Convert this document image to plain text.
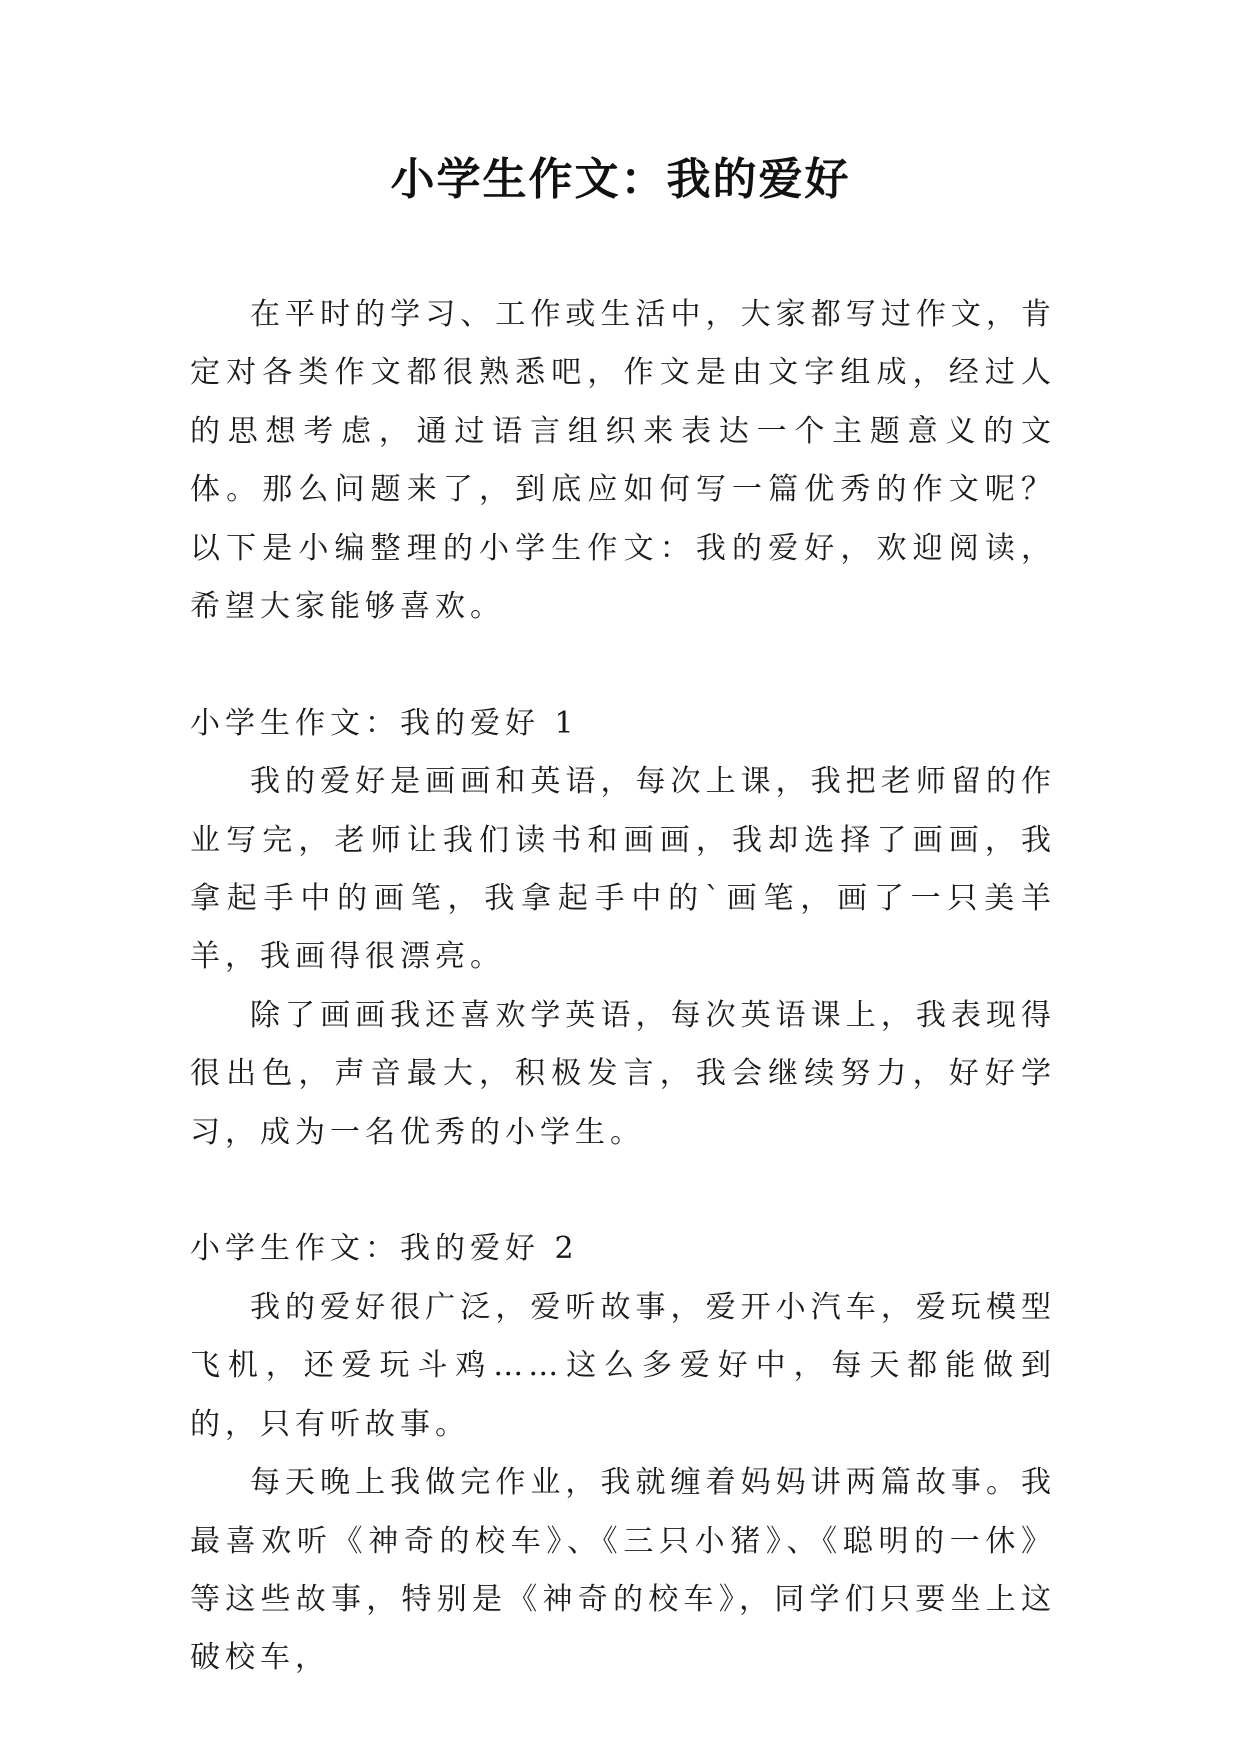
小学生作文：我的爱好

在平时的学习、工作或生活中，大家都写过作文，肯定对各类作文都很熟悉吧，作文是由文字组成，经过人的思想考虑，通过语言组织来表达一个主题意义的文体。那么问题来了，到底应如何写一篇优秀的作文呢？以下是小编整理的小学生作文：我的爱好，欢迎阅读，希望大家能够喜欢。

小学生作文：我的爱好 1

我的爱好是画画和英语，每次上课，我把老师留的作业写完，老师让我们读书和画画，我却选择了画画，我拿起手中的画笔，我拿起手中的`画笔，画了一只美羊羊，我画得很漂亮。

除了画画我还喜欢学英语，每次英语课上，我表现得很出色，声音最大，积极发言，我会继续努力，好好学习，成为一名优秀的小学生。

小学生作文：我的爱好 2

我的爱好很广泛，爱听故事，爱开小汽车，爱玩模型飞机，还爱玩斗鸡……这么多爱好中，每天都能做到的，只有听故事。

每天晚上我做完作业，我就缠着妈妈讲两篇故事。我最喜欢听《神奇的校车》、《三只小猪》、《聪明的一休》等这些故事，特别是《神奇的校车》，同学们只要坐上这破校车，
